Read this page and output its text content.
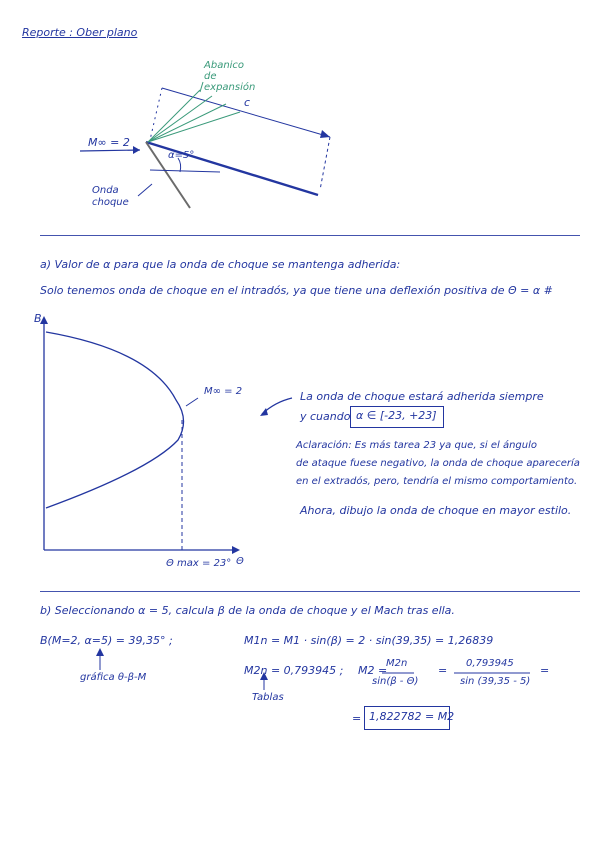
Reporte : Ober plano
Abanico de expansión
c
M∞ = 2
α=5°
Onda choque
a) Valor de α para que la onda de choque se mantenga adherida:
Solo tenemos onda de choque en el intradós, ya que tiene una deflexión positiva de Θ = α #
B
Θ
M∞ = 2
Θ max = 23°
La onda de choque estará adherida siempre
y cuando α ∈ [-23, +23]
Aclaración: Es más tarea 23 ya que, si el ángulo
de ataque fuese negativo, la onda de choque aparecería
en el extradós, pero, tendría el mismo comportamiento.
Ahora, dibujo la onda de choque en mayor estilo.
b) Seleccionando α = 5, calcula β de la onda de choque y el Mach tras ella.
B(M=2, α=5) = 39,35° ;
gráfica θ-β-M
M1n = M1 · sin(β) = 2 · sin(39,35) = 1,26839
M2n = 0,793945 ;
Tablas
M2 =
M2n
sin(β - Θ)
=
0,793945
sin (39,35 - 5)
=
= 1,822782 = M2
